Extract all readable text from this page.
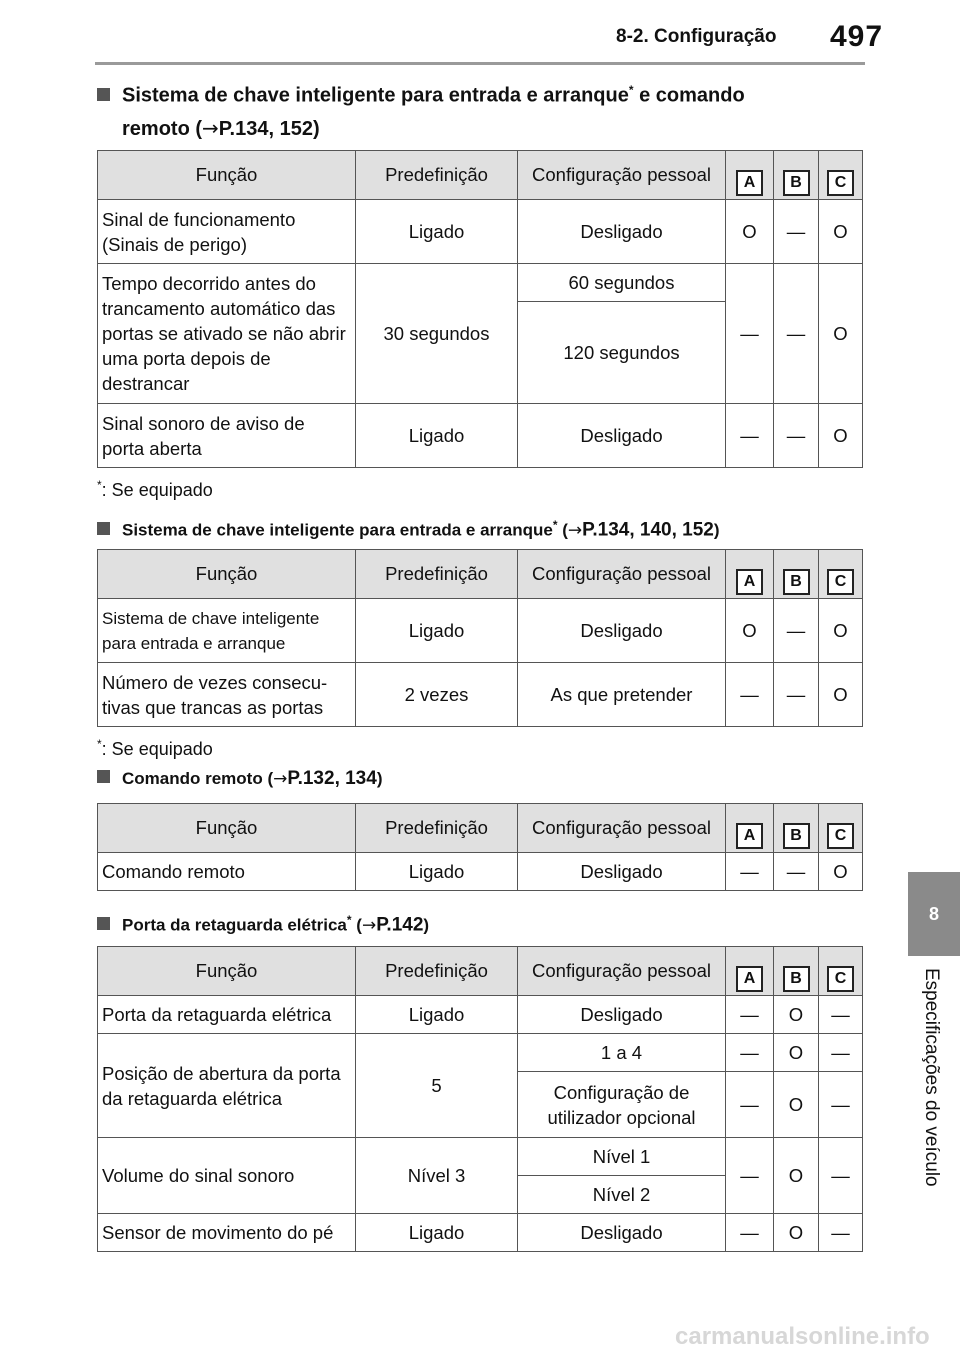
8-2. Configuração 497
8
Especificações do veículo
Sistema de chave inteligente para entrada e arranque* e comando
remoto (→P.134, 152)
Função	Predefinição	Configuração pessoal	A	B	C
Sinal de funcionamento (Sinais de perigo)	Ligado	Desligado	O	—	O
Tempo decorrido antes do trancamento automático das portas se ativado se não abrir uma porta depois de destrancar	30 segundos	60 segundos	—	—	O
		120 segundos			
Sinal sonoro de aviso de porta aberta	Ligado	Desligado	—	—	O
*: Se equipado
Sistema de chave inteligente para entrada e arranque* (→P.134, 140, 152)
Função	Predefinição	Configuração pessoal	A	B	C
Sistema de chave inteligente para entrada e arranque	Ligado	Desligado	O	—	O
Número de vezes consecu-tivas que trancas as portas	2 vezes	As que pretender	—	—	O
*: Se equipado
Comando remoto (→P.132, 134)
Função	Predefinição	Configuração pessoal	A	B	C
Comando remoto	Ligado	Desligado	—	—	O
Porta da retaguarda elétrica* (→P.142)
Função	Predefinição	Configuração pessoal	A	B	C
Porta da retaguarda elétrica	Ligado	Desligado	—	O	—
Posição de abertura da porta da retaguarda elétrica	5	1 a 4	—	O	—
		Configuração de utilizador opcional	—	O	—
Volume do sinal sonoro	Nível 3	Nível 1	—	O	—
		Nível 2			
Sensor de movimento do pé	Ligado	Desligado	—	O	—
carmanualsonline.info
